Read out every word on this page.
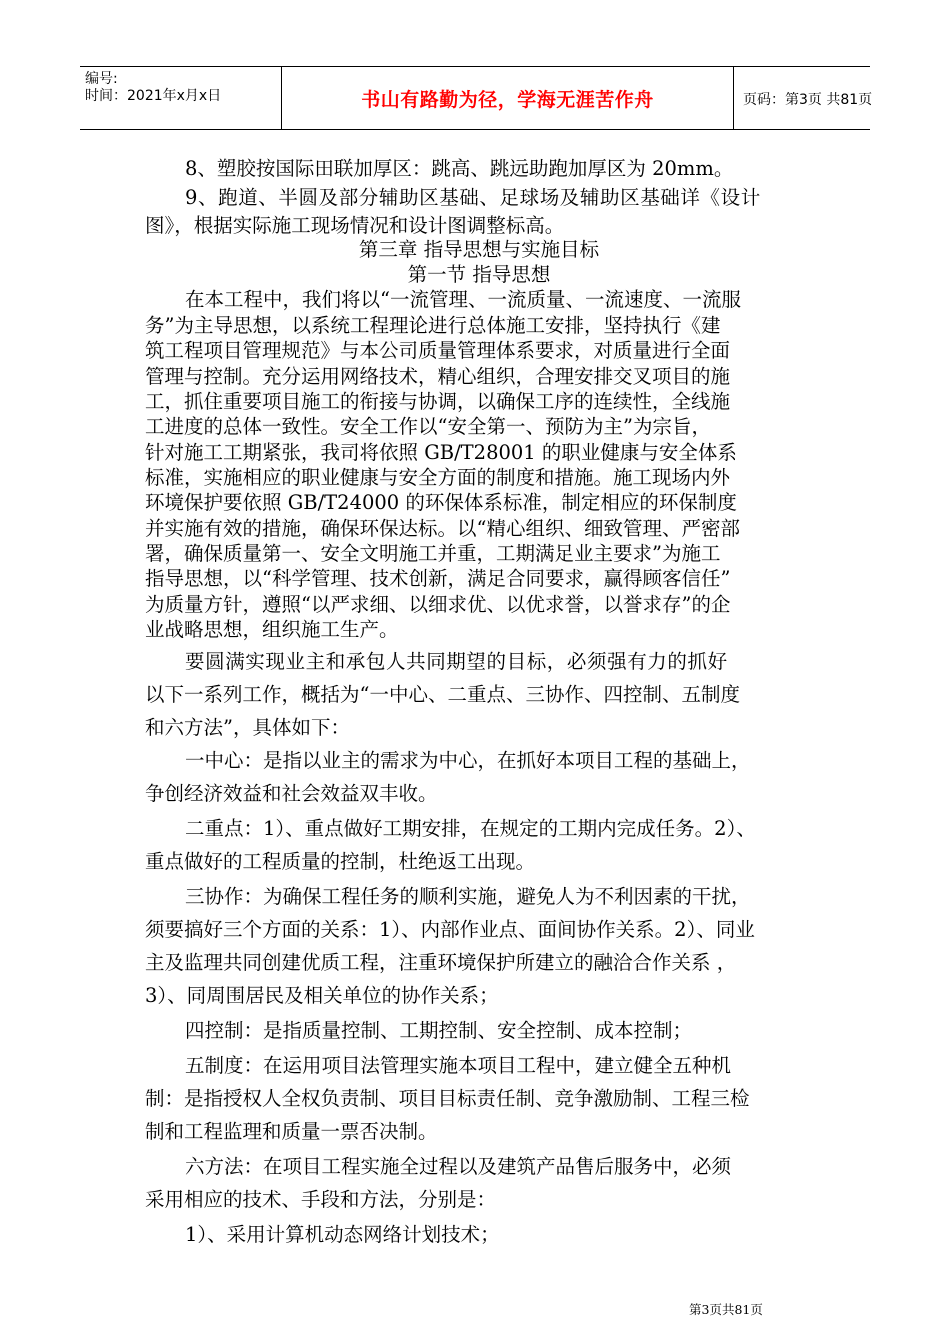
编号:
时间：2021年x月x日	书山有路勤为径，学海无涯苦作舟	页码：第3页 共81页
8、塑胶按国际田联加厚区：跳高、跳远助跑加厚区为 20mm。
9、跑道、半圆及部分辅助区基础、足球场及辅助区基础详《设计
图》，根据实际施工现场情况和设计图调整标高。
第三章 指导思想与实施目标
第一节 指导思想
在本工程中，我们将以“一流管理、一流质量、一流速度、一流服
务”为主导思想，以系统工程理论进行总体施工安排，坚持执行《建
筑工程项目管理规范》与本公司质量管理体系要求，对质量进行全面
管理与控制。充分运用网络技术，精心组织，合理安排交叉项目的施
工，抓住重要项目施工的衔接与协调，以确保工序的连续性，全线施
工进度的总体一致性。安全工作以“安全第一、预防为主”为宗旨，
针对施工工期紧张，我司将依照 GB/T28001 的职业健康与安全体系
标准，实施相应的职业健康与安全方面的制度和措施。施工现场内外
环境保护要依照 GB/T24000 的环保体系标准，制定相应的环保制度
并实施有效的措施，确保环保达标。以“精心组织、细致管理、严密部
署，确保质量第一、安全文明施工并重，工期满足业主要求”为施工
指导思想，以“科学管理、技术创新，满足合同要求，赢得顾客信任”
为质量方针，遵照“以严求细、以细求优、以优求誉，以誉求存”的企
业战略思想，组织施工生产。
要圆满实现业主和承包人共同期望的目标，必须强有力的抓好
以下一系列工作，概括为“一中心、二重点、三协作、四控制、五制度
和六方法”，具体如下：
一中心：是指以业主的需求为中心，在抓好本项目工程的基础上，
争创经济效益和社会效益双丰收。
二重点：1）、重点做好工期安排，在规定的工期内完成任务。2）、
重点做好的工程质量的控制，杜绝返工出现。
三协作：为确保工程任务的顺利实施，避免人为不利因素的干扰，
须要搞好三个方面的关系：1）、内部作业点、面间协作关系。2）、同业
主及监理共同创建优质工程，注重环境保护所建立的融洽合作关系 ，
3）、同周围居民及相关单位的协作关系；
四控制：是指质量控制、工期控制、安全控制、成本控制；
五制度：在运用项目法管理实施本项目工程中，建立健全五种机
制：是指授权人全权负责制、项目目标责任制、竞争激励制、工程三检
制和工程监理和质量一票否决制。
六方法：在项目工程实施全过程以及建筑产品售后服务中，必须
采用相应的技术、手段和方法，分别是：
1）、采用计算机动态网络计划技术；
第3页共81页
